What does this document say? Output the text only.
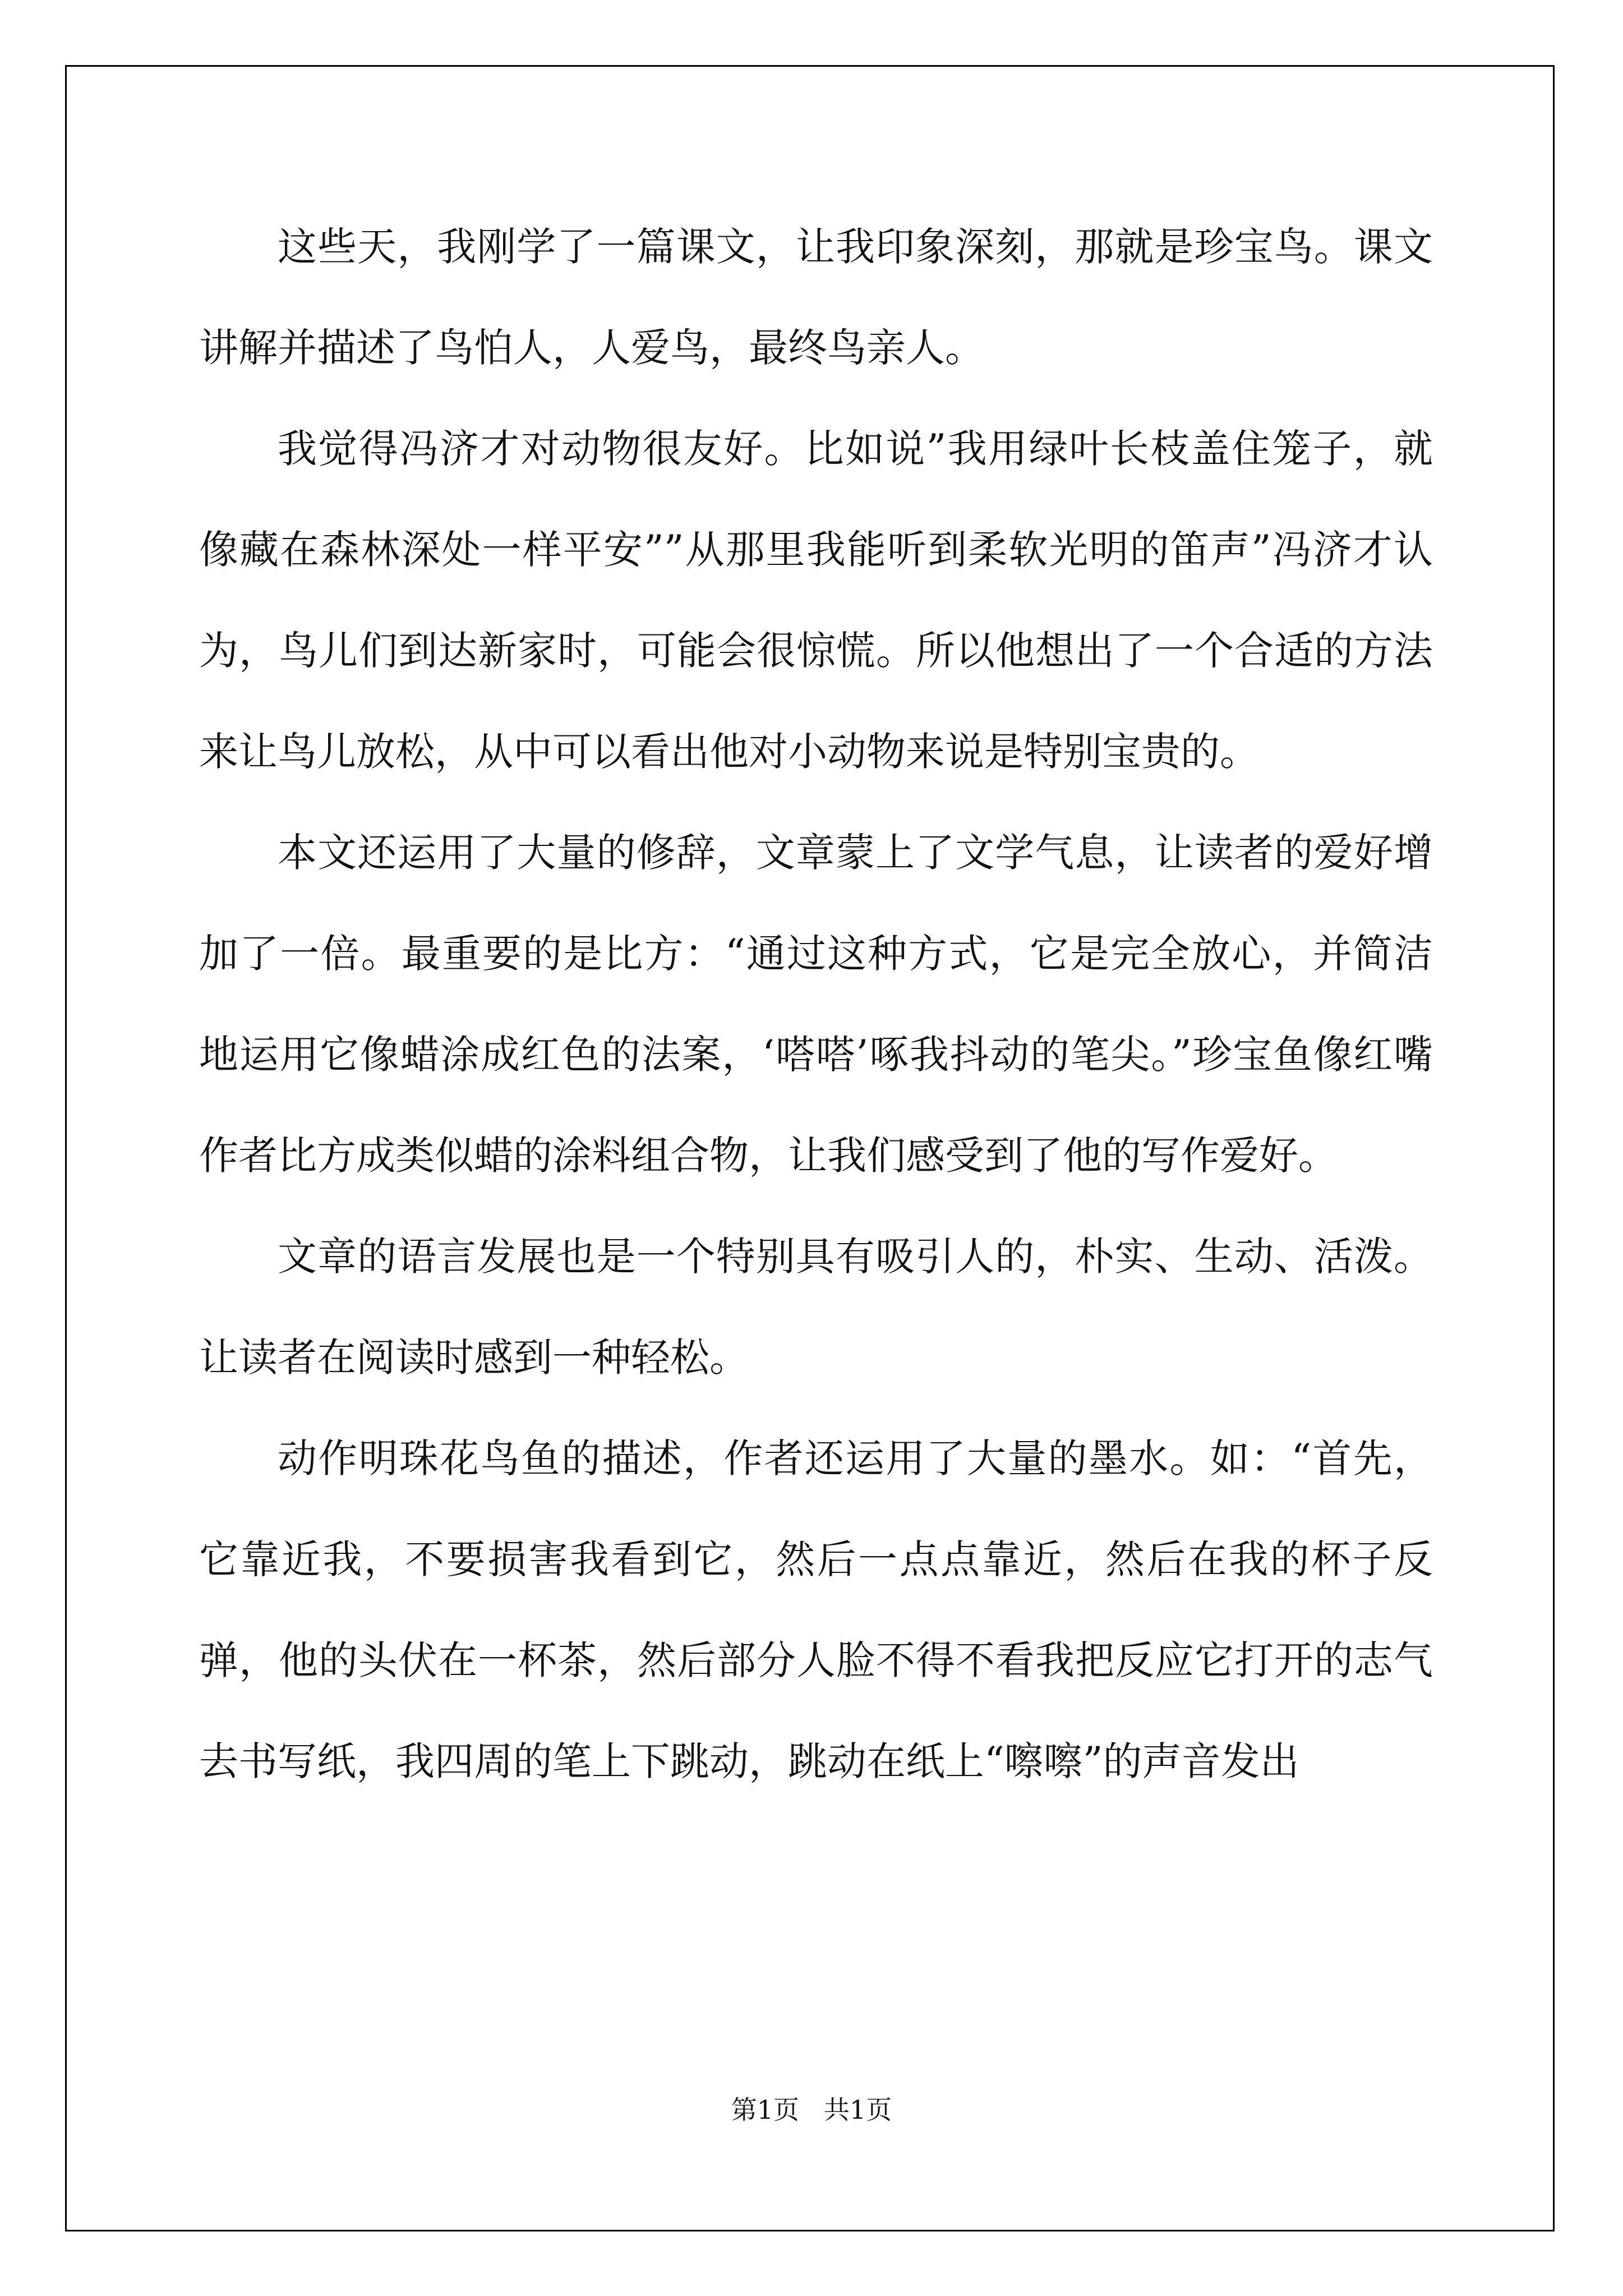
这些天，我刚学了一篇课文，让我印象深刻，那就是珍宝鸟。课文讲解并描述了鸟怕人，人爱鸟，最终鸟亲人。

我觉得冯济才对动物很友好。比如说”我用绿叶长枝盖住笼子，就像藏在森林深处一样平安””从那里我能听到柔软光明的笛声”冯济才认为，鸟儿们到达新家时，可能会很惊慌。所以他想出了一个合适的方法来让鸟儿放松，从中可以看出他对小动物来说是特别宝贵的。

本文还运用了大量的修辞，文章蒙上了文学气息，让读者的爱好增加了一倍。最重要的是比方：“通过这种方式，它是完全放心，并简洁地运用它像蜡涂成红色的法案，‘嗒嗒’啄我抖动的笔尖。”珍宝鱼像红嘴作者比方成类似蜡的涂料组合物，让我们感受到了他的写作爱好。

文章的语言发展也是一个特别具有吸引人的，朴实、生动、活泼。让读者在阅读时感到一种轻松。

动作明珠花鸟鱼的描述，作者还运用了大量的墨水。如：“首先，它靠近我，不要损害我看到它，然后一点点靠近，然后在我的杯子反弹，他的头伏在一杯茶，然后部分人脸不得不看我把反应它打开的志气去书写纸，我四周的笔上下跳动，跳动在纸上“嚓嚓”的声音发出

第1页   共1页
